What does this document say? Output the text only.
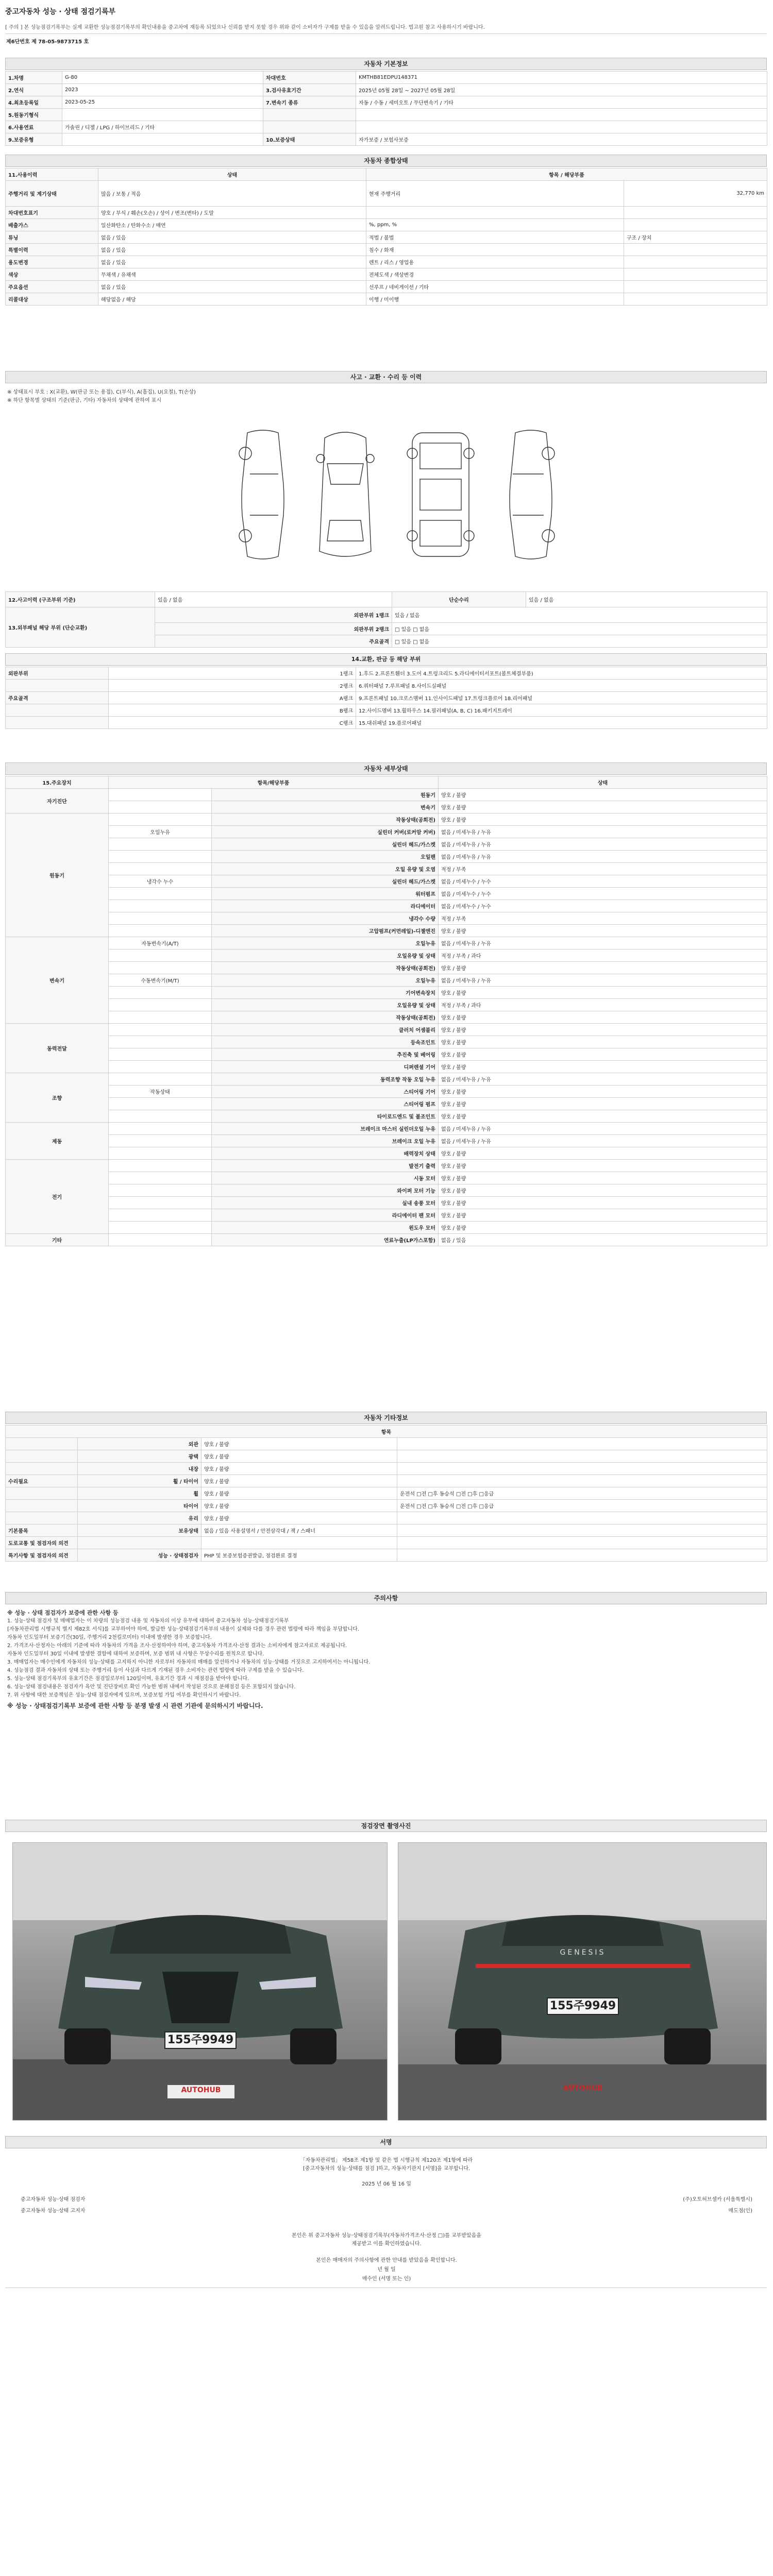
중고자동차 성능 · 상태 점검기록부
[ 주의 ] 본 성능점검기록부는 실제 교환한 성능점검기록부의 확인내용을 중고차에 재등록 되었으나 신뢰를 받지 못할 경우 위와 같이 소비자가 구제를 받을 수 있음을 알려드립니다. 법고원 참고 사용하시기 바랍니다.
제6단번호 제 78-05-9873715 호
자동차 기본정보
1.차명	G-80	차대번호	KMTHB81EDPU148371
2.연식	2023	3.검사유효기간	2025년 05월 28일 ~ 2027년 05월 28일
4.최초등록일	2023-05-25	7.변속기 종류	자동 / 수동 / 세미오토 / 무단변속기 / 기타
5.원동기형식			
6.사용연료	가솔린 / 디젤 / LPG / 하이브리드 / 기타		
9.보증유형		10.보증상태	자가보증 / 보험사보증
자동차 종합상태
11.사용이력	상태	항목 / 해당부품	
주행거리 및 계기상태	많음 / 보통 / 적음	현재 주행거리	32,770 km
차대번호표기	양호 / 부식 / 훼손(오손) / 상이 / 변조(변타) / 도말		
배출가스	일산화탄소 / 탄화수소 / 매연	%, ppm, %	
튜닝	없음 / 있음	적법 / 불법	구조 / 장치
특별이력	없음 / 있음	침수 / 화재	
용도변경	없음 / 있음	렌트 / 리스 / 영업용	
색상	무채색 / 유채색	전체도색 / 색상변경	
주요옵션	없음 / 있음	선루프 / 네비게이션 / 기타	
리콜대상	해당없음 / 해당	이행 / 미이행	
사고 · 교환 · 수리 등 이력
※ 상태표시 부호 : X(교환), W(판금 또는 용접), C(부식), A(흠집), U(요철), T(손상)
※ 하단 항목별 상태의 기준(판금, 기타) 자동차의 상태에 관하여 표시
12.사고이력 (구조부위 기준)	있음 / 없음	단순수리	있음 / 없음
13.외부패널 해당 부위 (단순교환)	외판부위 1랭크	있음 / 없음	
	외판부위 2랭크	□ 있음 □ 없음	
	주요골격	□ 있음 □ 없음	
14.교환, 판금 등 해당 부위
외판부위	1랭크	1.후드 2.프론트휀더 3.도어 4.트렁크리드 5.라디에이터서포트(볼트체결부품)
	2랭크	6.쿼터패널 7.루프패널 8.사이드실패널
주요골격	A랭크	9.프론트패널 10.크로스멤버 11.인사이드패널 17.트렁크플로어 18.리어패널
	B랭크	12.사이드멤버 13.휠하우스 14.필러패널(A, B, C) 16.패키지트레이
	C랭크	15.대쉬패널 19.플로어패널
자동차 세부상태
15.주요장치	항목/해당부품		상태
자기진단		원동기	양호 / 불량
		변속기	양호 / 불량
원동기		작동상태(공회전)	양호 / 불량
	오일누유	실린더 커버(로커암 커버)	없음 / 미세누유 / 누유
		실린더 헤드/가스켓	없음 / 미세누유 / 누유
		오일팬	없음 / 미세누유 / 누유
		오일 유량 및 오염	적정 / 부족
	냉각수 누수	실린더 헤드/가스켓	없음 / 미세누수 / 누수
		워터펌프	없음 / 미세누수 / 누수
		라디에이터	없음 / 미세누수 / 누수
		냉각수 수량	적정 / 부족
		고압펌프(커먼레일)-디젤엔진	양호 / 불량
변속기	자동변속기(A/T)	오일누유	없음 / 미세누유 / 누유
		오일유량 및 상태	적정 / 부족 / 과다
		작동상태(공회전)	양호 / 불량
	수동변속기(M/T)	오일누유	없음 / 미세누유 / 누유
		기어변속장치	양호 / 불량
		오일유량 및 상태	적정 / 부족 / 과다
		작동상태(공회전)	양호 / 불량
동력전달		클러치 어셈블리	양호 / 불량
		등속조인트	양호 / 불량
		추진축 및 베어링	양호 / 불량
		디퍼렌셜 기어	양호 / 불량
조향		동력조향 작동 오일 누유	없음 / 미세누유 / 누유
	작동상태	스티어링 기어	양호 / 불량
		스티어링 펌프	양호 / 불량
		타이로드엔드 및 볼조인트	양호 / 불량
제동		브레이크 마스터 실린더오일 누유	없음 / 미세누유 / 누유
		브레이크 오일 누유	없음 / 미세누유 / 누유
		배력장치 상태	양호 / 불량
전기		발전기 출력	양호 / 불량
		시동 모터	양호 / 불량
		와이퍼 모터 기능	양호 / 불량
		실내 송풍 모터	양호 / 불량
		라디에이터 팬 모터	양호 / 불량
		윈도우 모터	양호 / 불량
기타		연료누출(LP가스포함)	없음 / 있음
자동차 기타정보
항목			
	외관	양호 / 불량	
	광택	양호 / 불량	
	내장	양호 / 불량	
수리필요	휠 / 타이어	양호 / 불량	
	휠	양호 / 불량	운전석 □전 □후 동승석 □전 □후 □응급
	타이어	양호 / 불량	운전석 □전 □후 동승석 □전 □후 □응급
	유리	양호 / 불량	
기본품목	보유상태	없음 / 있음 사용설명서 / 안전삼각대 / 잭 / 스패너	
도로교통 및 점검자의 의견			
특기사항 및 점검자의 의견	성능 · 상태점검자	PHP 및 보증보험증권발급, 점검완료 결정	
주의사항

※ 성능 · 상태 점검자가 보증에 관한 사항 등

1. 성능·상태 점검자 및 매매업자는 이 차량의 성능점검 내용 및 자동차의 이상 유무에 대하여 중고자동차 성능·상태점검기록부

[자동차관리법 시행규칙 별지 제82호 서식]를 교부하여야 하며, 발급한 성능·상태점검기록부의 내용이 실제와 다를 경우 관련 법령에 따라 책임을 부담합니다.

자동차 인도일부터 보증기간(30일, 주행거리 2천킬로미터) 이내에 발생한 경우 보증합니다.

2. 가격조사·산정자는 아래의 기준에 따라 자동차의 가격을 조사·산정하여야 하며, 중고자동차 가격조사·산정 결과는 소비자에게 참고자료로 제공됩니다.

자동차 인도일부터 30일 이내에 발생한 결함에 대하여 보증하며, 보증 범위 내 사항은 무상수리를 원칙으로 합니다.

3. 매매업자는 매수인에게 자동차의 성능·상태를 고지하지 아니한 자로부터 자동차의 매매를 알선하거나 자동차의 성능·상태를 거짓으로 고지하여서는 아니됩니다.

4. 성능점검 결과 자동차의 상태 또는 주행거리 등이 사실과 다르게 기재된 경우 소비자는 관련 법령에 따라 구제를 받을 수 있습니다.

5. 성능·상태 점검기록부의 유효기간은 점검일로부터 120일이며, 유효기간 경과 시 재점검을 받아야 합니다.

6. 성능·상태 점검내용은 점검자가 육안 및 진단장비로 확인 가능한 범위 내에서 작성된 것으로 분해점검 등은 포함되지 않습니다.

7. 위 사항에 대한 보증책임은 성능·상태 점검자에게 있으며, 보증보험 가입 여부를 확인하시기 바랍니다.

※ 성능 · 상태점검기록부 보증에 관한 사항 등 분쟁 발생 시 관련 기관에 문의하시기 바랍니다.

점검장면 촬영사진
155주9949
AUTOHUB
GENESIS
155주9949
AUTOHUB
서명
「자동차관리법」 제58조 제1항 및 같은 법 시행규칙 제120조 제1항에 따라
[중고자동차의 성능·상태를 점검 ]하고, 자동차기관지 [서명]을 교부합니다.
2025 년 06 월 16 일
중고자동차 성능·상태 점검자	(주)오토허브셀카 (서울특별시)
중고자동차 성능·상태 고지자	매도점(인)
본인은 위 중고자동차 성능·상태점검기록부(자동차가격조사·산정 □)를 교부받았음을
제공받고 이를 확인하였습니다.
본인은 매매자의 주의사항에 관한 안내를 받았음을 확인합니다.
년 월 일
매수인 (서명 또는 인)
